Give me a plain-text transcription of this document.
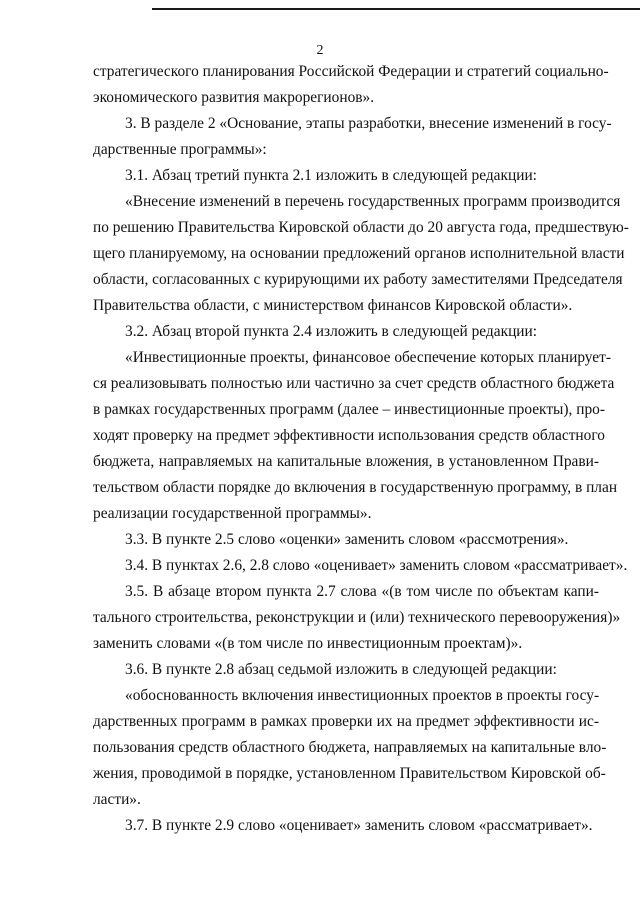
2

стратегического планирования Российской Федерации и стратегий социально-

экономического развития макрорегионов».

3. В разделе 2 «Основание, этапы разработки, внесение изменений в госу-

дарственные программы»:

3.1. Абзац третий пункта 2.1 изложить в следующей редакции:

«Внесение изменений в перечень государственных программ производится

по решению Правительства Кировской области до 20 августа года, предшествую-

щего планируемому, на основании предложений органов исполнительной власти

области, согласованных с курирующими их работу заместителями Председателя

Правительства области, с министерством финансов Кировской области».

3.2. Абзац второй пункта 2.4 изложить в следующей редакции:

«Инвестиционные проекты, финансовое обеспечение которых планирует-

ся реализовывать полностью или частично за счет средств областного бюджета

в рамках государственных программ (далее – инвестиционные проекты), про-

ходят проверку на предмет эффективности использования средств областного

бюджета, направляемых на капитальные вложения, в установленном Прави-

тельством области порядке до включения в государственную программу, в план

реализации государственной программы».

3.3. В пункте 2.5 слово «оценки» заменить словом «рассмотрения».

3.4. В пунктах 2.6, 2.8 слово «оценивает» заменить словом «рассматривает».

3.5. В абзаце втором пункта 2.7 слова «(в том числе по объектам капи-

тального строительства, реконструкции и (или) технического перевооружения)»

заменить словами «(в том числе по инвестиционным проектам)».

3.6. В пункте 2.8 абзац седьмой изложить в следующей редакции:

«обоснованность включения инвестиционных проектов в проекты госу-

дарственных программ в рамках проверки их на предмет эффективности ис-

пользования средств областного бюджета, направляемых на капитальные вло-

жения, проводимой в порядке, установленном Правительством Кировской об-

ласти».

3.7. В пункте 2.9 слово «оценивает» заменить словом «рассматривает».
